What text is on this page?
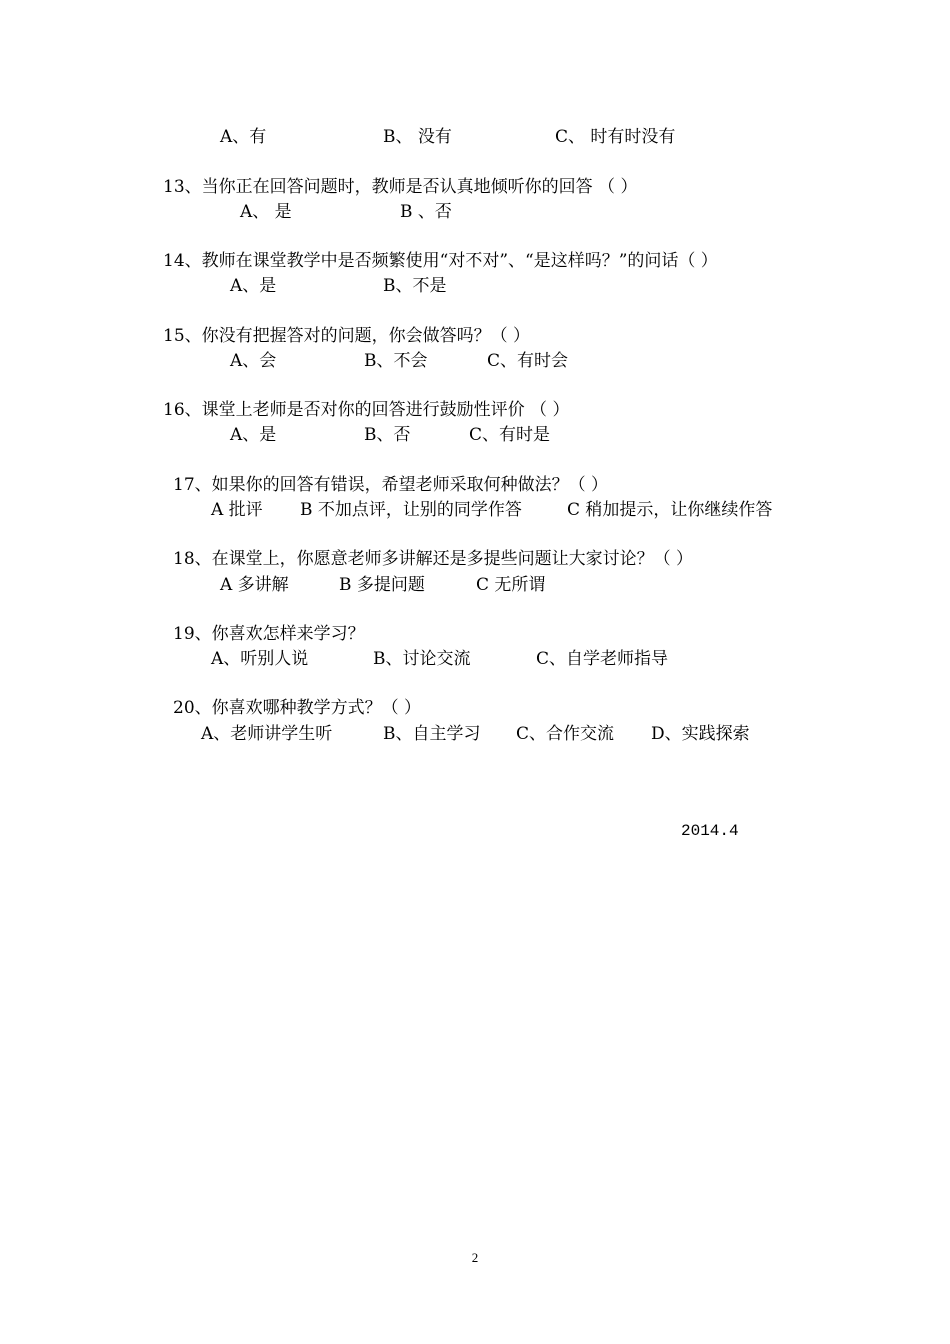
A、有	B、 没有	C、 时有时没有
13、当你正在回答问题时，教师是否认真地倾听你的回答 （ ）
A、 是	B 、否
14、教师在课堂教学中是否频繁使用“对不对”、“是这样吗？”的问话（ ）
A、是	B、不是
15、你没有把握答对的问题，你会做答吗？（ ）
A、会	B、不会	C、有时会
16、课堂上老师是否对你的回答进行鼓励性评价 （ ）
A、是	B、否	C、有时是
17、如果你的回答有错误，希望老师采取何种做法？（ ）
A 批评 B 不加点评，让别的同学作答	C 稍加提示，让你继续作答
18、在课堂上，你愿意老师多讲解还是多提些问题让大家讨论？（ ）
A 多讲解	B 多提问题	C 无所谓
19、你喜欢怎样来学习？
A、听别人说	B、讨论交流	C、自学老师指导
20、你喜欢哪种教学方式？（ ）
A、老师讲学生听	B、自主学习 C、合作交流 D、实践探索
2014.4
2
